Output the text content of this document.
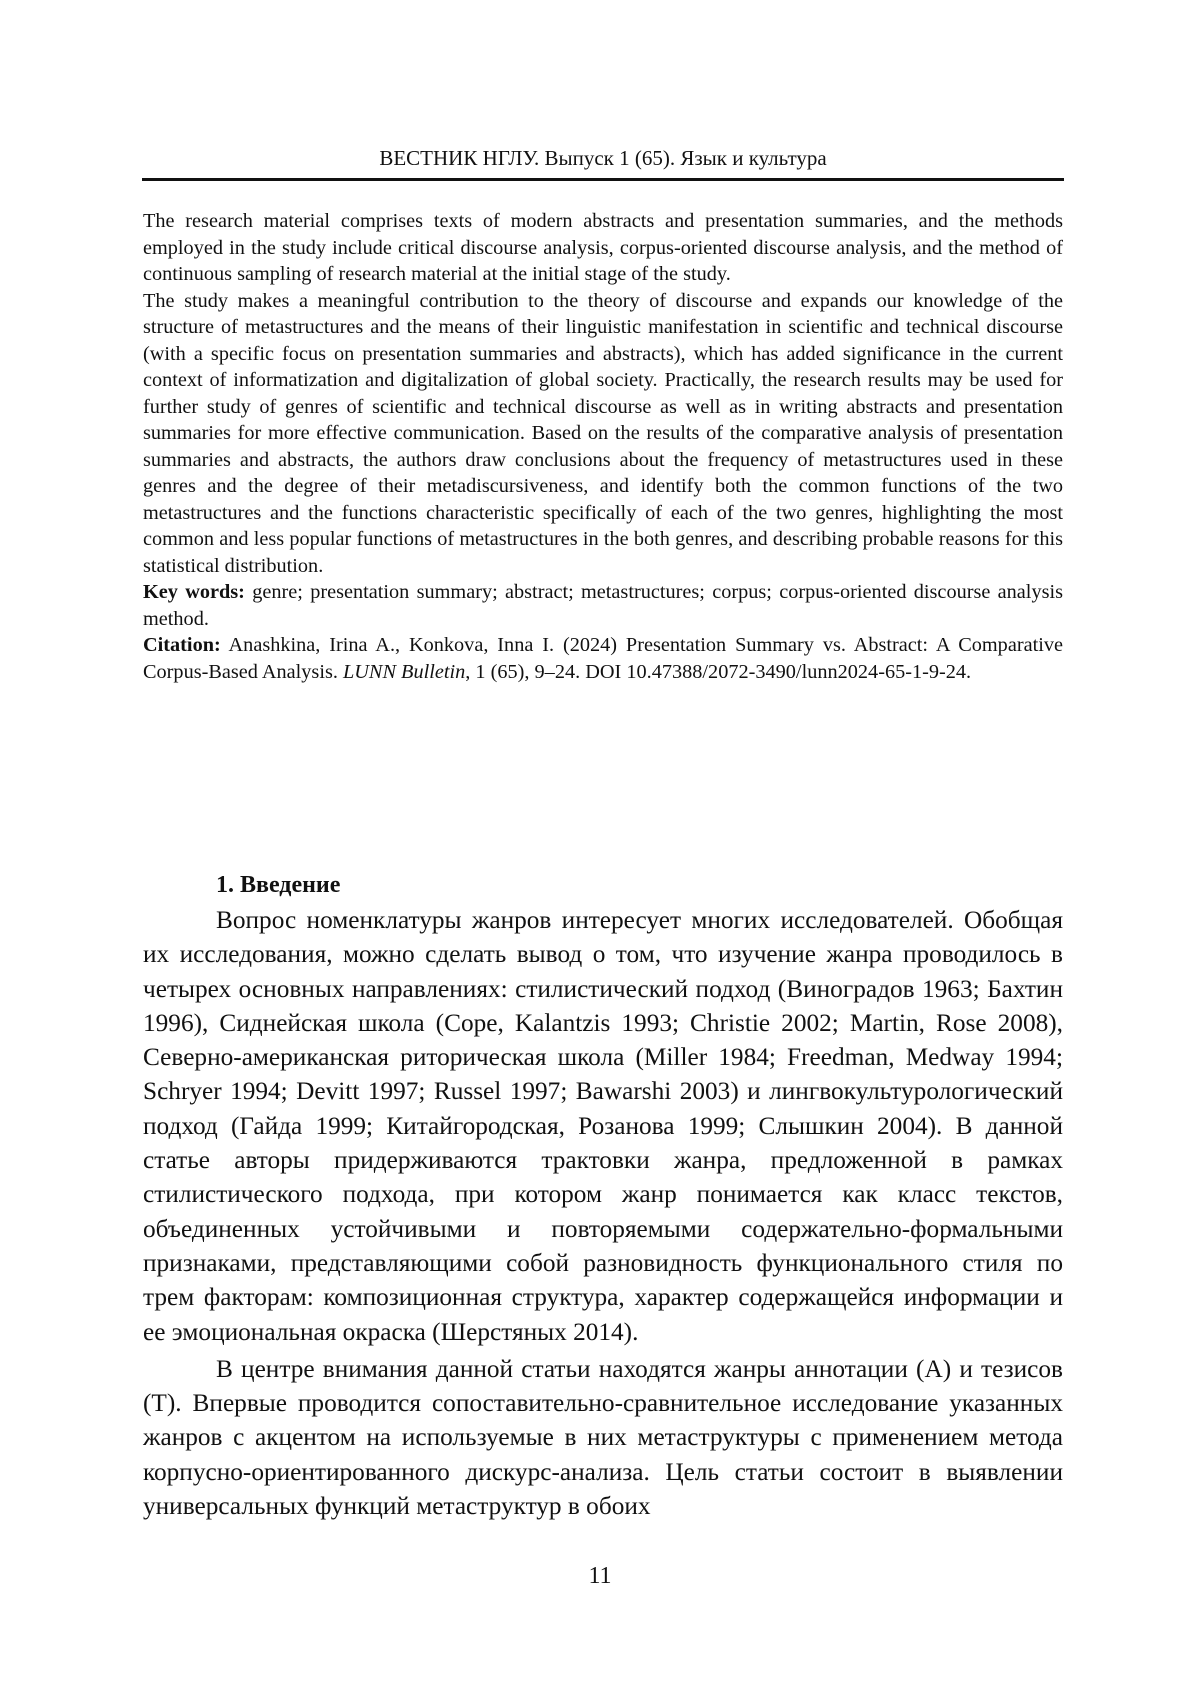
ВЕСТНИК НГЛУ. Выпуск 1 (65). Язык и культура

The research material comprises texts of modern abstracts and presentation summaries, and the methods employed in the study include critical discourse analysis, corpus-oriented discourse analysis, and the method of continuous sampling of research material at the initial stage of the study.

The study makes a meaningful contribution to the theory of discourse and expands our knowledge of the structure of metastructures and the means of their linguistic manifestation in scientific and technical discourse (with a specific focus on presentation summaries and abstracts), which has added significance in the current context of informatization and digitalization of global society. Practically, the research results may be used for further study of genres of scientific and technical discourse as well as in writing abstracts and presentation summaries for more effective communication. Based on the results of the comparative analysis of presentation summaries and abstracts, the authors draw conclusions about the frequency of metastructures used in these genres and the degree of their metadiscursiveness, and identify both the common functions of the two metastructures and the functions characteristic specifically of each of the two genres, highlighting the most common and less popular functions of metastructures in the both genres, and describing probable reasons for this statistical distribution.

Key words: genre; presentation summary; abstract; metastructures; corpus; corpus-oriented discourse analysis method.

Citation: Anashkina, Irina A., Konkova, Inna I. (2024) Presentation Summary vs. Abstract: A Comparative Corpus-Based Analysis. LUNN Bulletin, 1 (65), 9–24. DOI 10.47388/2072-3490/lunn2024-65-1-9-24.

1. Введение

Вопрос номенклатуры жанров интересует многих исследователей. Обобщая их исследования, можно сделать вывод о том, что изучение жанра проводилось в четырех основных направлениях: стилистический подход (Виноградов 1963; Бахтин 1996), Сиднейская школа (Cope, Kalantzis 1993; Christie 2002; Martin, Rose 2008), Северно-американская риторическая школа (Miller 1984; Freedman, Medway 1994; Schryer 1994; Devitt 1997; Russel 1997; Bawarshi 2003) и лингвокультурологический подход (Гайда 1999; Китайгородская, Розанова 1999; Слышкин 2004). В данной статье авторы придерживаются трактовки жанра, предложенной в рамках стилистического подхода, при котором жанр понимается как класс текстов, объединенных устойчивыми и повторяемыми содержательно-формальными признаками, представляющими собой разновидность функционального стиля по трем факторам: композиционная структура, характер содержащейся информации и ее эмоциональная окраска (Шерстяных 2014).

В центре внимания данной статьи находятся жанры аннотации (А) и тезисов (Т). Впервые проводится сопоставительно-сравнительное исследование указанных жанров с акцентом на используемые в них метаструктуры с применением метода корпусно-ориентированного дискурс-анализа. Цель статьи состоит в выявлении универсальных функций метаструктур в обоих

11
